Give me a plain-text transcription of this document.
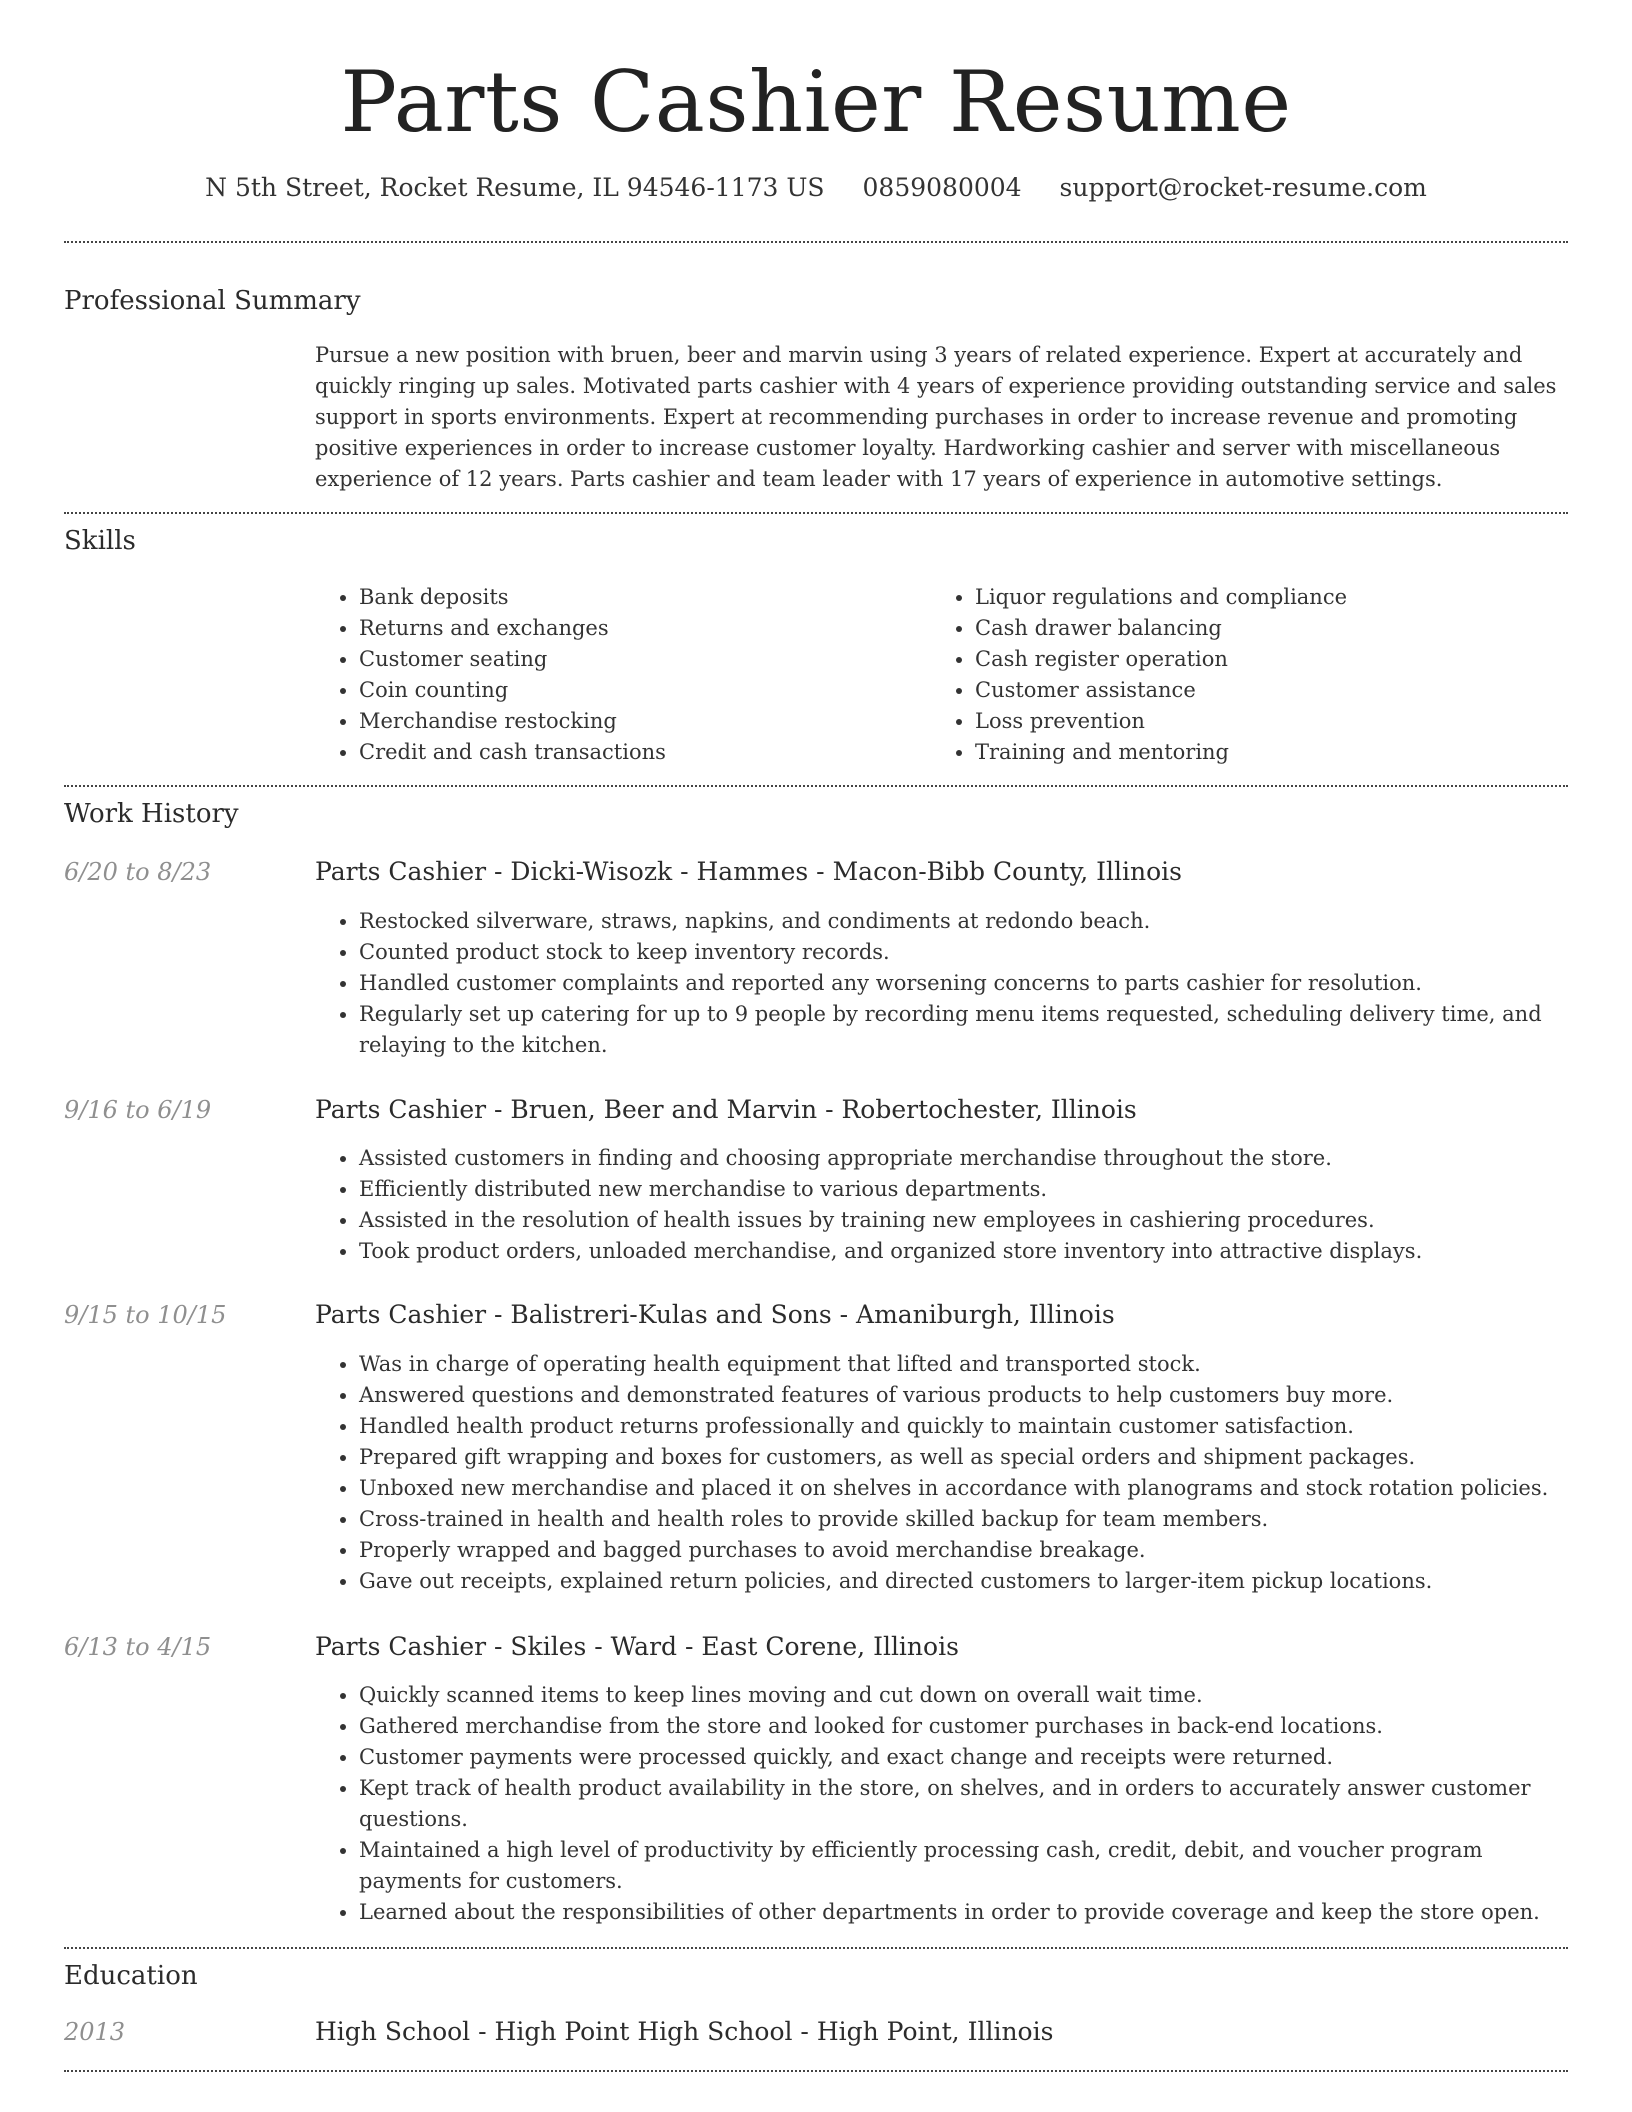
Parts Cashier Resume
N 5th Street, Rocket Resume, IL 94546-1173 US 0859080004 support@rocket-resume.com
Professional Summary
Pursue a new position with bruen, beer and marvin using 3 years of related experience. Expert at accurately and quickly ringing up sales. Motivated parts cashier with 4 years of experience providing outstanding service and sales support in sports environments. Expert at recommending purchases in order to increase revenue and promoting positive experiences in order to increase customer loyalty. Hardworking cashier and server with miscellaneous experience of 12 years. Parts cashier and team leader with 17 years of experience in automotive settings.
Skills
• Bank deposits
• Returns and exchanges
• Customer seating
• Coin counting
• Merchandise restocking
• Credit and cash transactions
• Liquor regulations and compliance
• Cash drawer balancing
• Cash register operation
• Customer assistance
• Loss prevention
• Training and mentoring
Work History
6/20 to 8/23	Parts Cashier - Dicki-Wisozk - Hammes - Macon-Bibb County, Illinois
• Restocked silverware, straws, napkins, and condiments at redondo beach.
• Counted product stock to keep inventory records.
• Handled customer complaints and reported any worsening concerns to parts cashier for resolution.
• Regularly set up catering for up to 9 people by recording menu items requested, scheduling delivery time, and relaying to the kitchen.
9/16 to 6/19	Parts Cashier - Bruen, Beer and Marvin - Robertochester, Illinois
• Assisted customers in finding and choosing appropriate merchandise throughout the store.
• Efficiently distributed new merchandise to various departments.
• Assisted in the resolution of health issues by training new employees in cashiering procedures.
• Took product orders, unloaded merchandise, and organized store inventory into attractive displays.
9/15 to 10/15	Parts Cashier - Balistreri-Kulas and Sons - Amaniburgh, Illinois
• Was in charge of operating health equipment that lifted and transported stock.
• Answered questions and demonstrated features of various products to help customers buy more.
• Handled health product returns professionally and quickly to maintain customer satisfaction.
• Prepared gift wrapping and boxes for customers, as well as special orders and shipment packages.
• Unboxed new merchandise and placed it on shelves in accordance with planograms and stock rotation policies.
• Cross-trained in health and health roles to provide skilled backup for team members.
• Properly wrapped and bagged purchases to avoid merchandise breakage.
• Gave out receipts, explained return policies, and directed customers to larger-item pickup locations.
6/13 to 4/15	Parts Cashier - Skiles - Ward - East Corene, Illinois
• Quickly scanned items to keep lines moving and cut down on overall wait time.
• Gathered merchandise from the store and looked for customer purchases in back-end locations.
• Customer payments were processed quickly, and exact change and receipts were returned.
• Kept track of health product availability in the store, on shelves, and in orders to accurately answer customer questions.
• Maintained a high level of productivity by efficiently processing cash, credit, debit, and voucher program payments for customers.
• Learned about the responsibilities of other departments in order to provide coverage and keep the store open.
Education
2013	High School - High Point High School - High Point, Illinois
